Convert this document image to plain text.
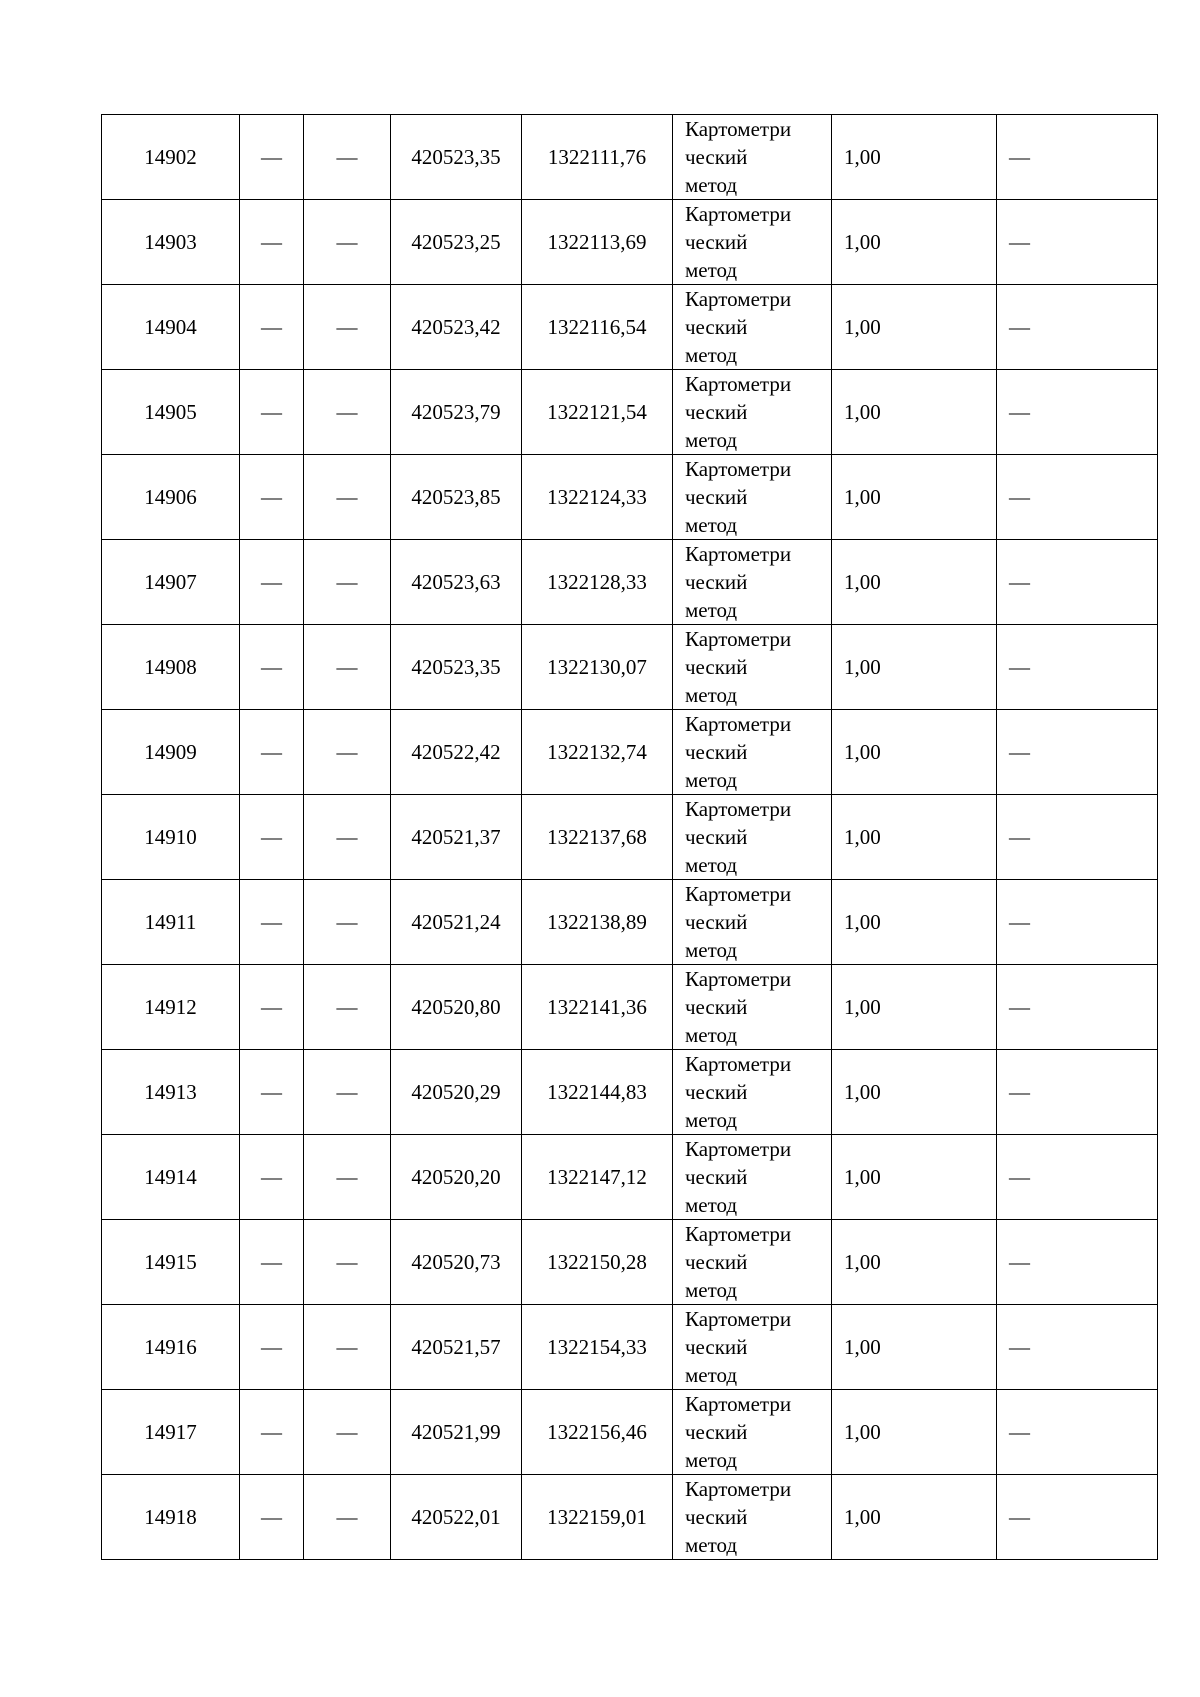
14902	—	—	420523,35	1322111,76	Картометри
ческий
метод	1,00	—
14903	—	—	420523,25	1322113,69	Картометри
ческий
метод	1,00	—
14904	—	—	420523,42	1322116,54	Картометри
ческий
метод	1,00	—
14905	—	—	420523,79	1322121,54	Картометри
ческий
метод	1,00	—
14906	—	—	420523,85	1322124,33	Картометри
ческий
метод	1,00	—
14907	—	—	420523,63	1322128,33	Картометри
ческий
метод	1,00	—
14908	—	—	420523,35	1322130,07	Картометри
ческий
метод	1,00	—
14909	—	—	420522,42	1322132,74	Картометри
ческий
метод	1,00	—
14910	—	—	420521,37	1322137,68	Картометри
ческий
метод	1,00	—
14911	—	—	420521,24	1322138,89	Картометри
ческий
метод	1,00	—
14912	—	—	420520,80	1322141,36	Картометри
ческий
метод	1,00	—
14913	—	—	420520,29	1322144,83	Картометри
ческий
метод	1,00	—
14914	—	—	420520,20	1322147,12	Картометри
ческий
метод	1,00	—
14915	—	—	420520,73	1322150,28	Картометри
ческий
метод	1,00	—
14916	—	—	420521,57	1322154,33	Картометри
ческий
метод	1,00	—
14917	—	—	420521,99	1322156,46	Картометри
ческий
метод	1,00	—
14918	—	—	420522,01	1322159,01	Картометри
ческий
метод	1,00	—
